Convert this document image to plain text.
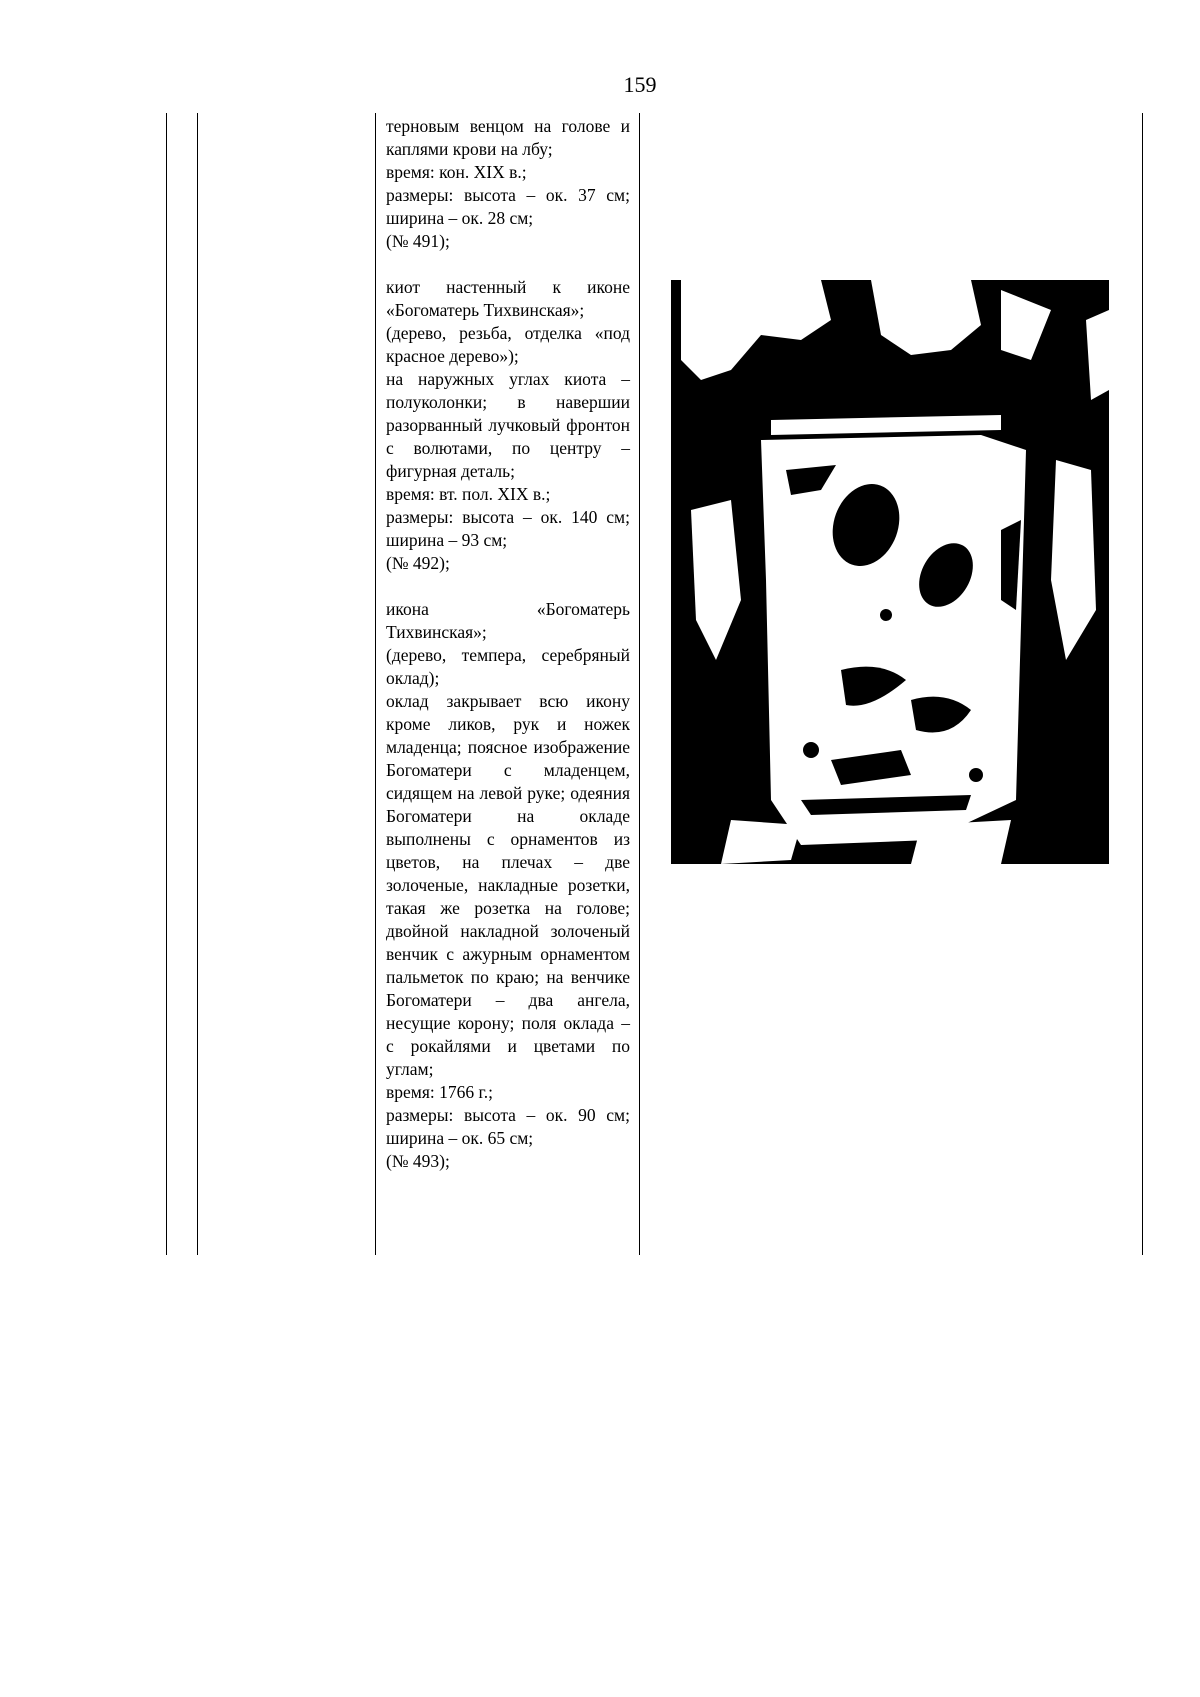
159

терновым венцом на голове и каплями крови на лбу;

время: кон. XIX в.;

размеры: высота – ок. 37 см; ширина – ок. 28 см;

(№ 491);

киот настенный к иконе «Богоматерь Тихвинская»;

(дерево, резьба, отделка «под красное дерево»);

на наружных углах киота – полуколонки; в навершии разорванный лучковый фронтон с волютами, по центру – фигурная деталь;

время: вт. пол. XIX в.;

размеры: высота – ок. 140 см; ширина – 93 см;

(№ 492);

икона «Богоматерь Тихвинская»;

(дерево, темпера, серебряный оклад);

оклад закрывает всю икону кроме ликов, рук и ножек младенца; поясное изображение Богоматери с младенцем, сидящем на левой руке; одеяния Богоматери на окладе выполнены с орнаментов из цветов, на плечах – две золоченые, накладные розетки, такая же розетка на голове; двойной накладной золоченый венчик с ажурным орнаментом пальметок по краю; на венчике Богоматери – два ангела, несущие корону; поля оклада – с рокайлями и цветами по углам;

время: 1766 г.;

размеры: высота – ок. 90 см; ширина – ок. 65 см;

(№ 493);
